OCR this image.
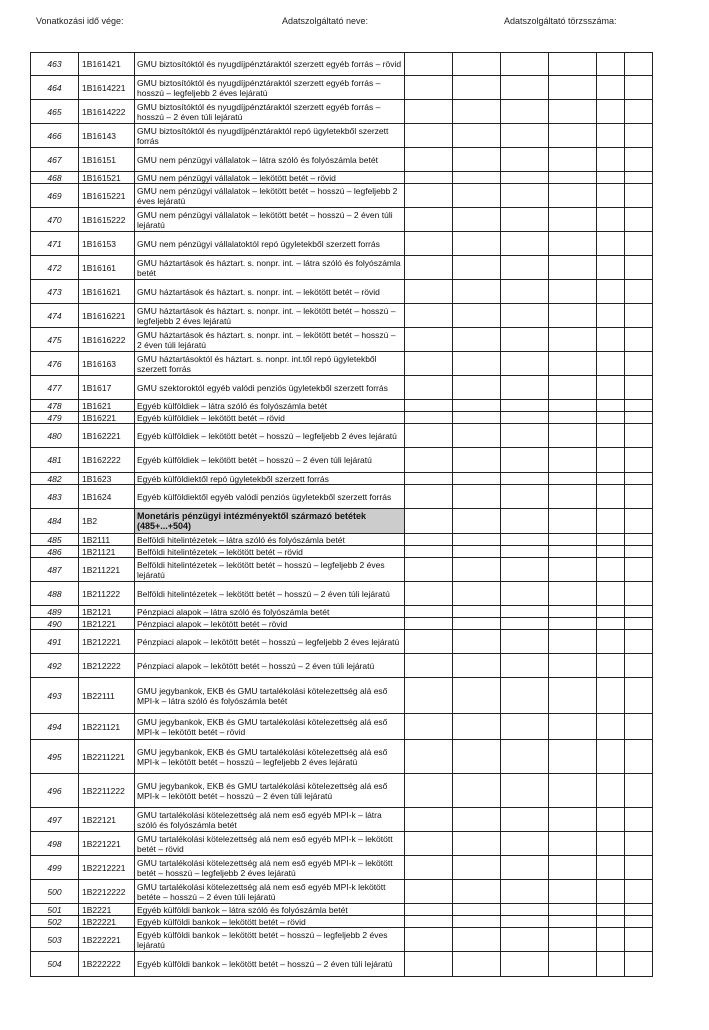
Vonatkozási idő vége:	Adatszolgáltató neve:	Adatszolgáltató törzsszáma:
463	1B161421	GMU biztosítóktól és nyugdíjpénztáraktól szerzett egyéb forrás – rövid						
464	1B1614221	GMU biztosítóktól és nyugdíjpénztáraktól szerzett egyéb forrás – hosszú – legfeljebb 2 éves lejáratú						
465	1B1614222	GMU biztosítóktól és nyugdíjpénztáraktól szerzett egyéb forrás – hosszú – 2 éven túli lejáratú						
466	1B16143	GMU biztosítóktól és nyugdíjpénztáraktól repó ügyletekből szerzett forrás						
467	1B16151	GMU nem pénzügyi vállalatok – látra szóló és folyószámla betét						
468	1B161521	GMU nem pénzügyi vállalatok – lekötött betét – rövid						
469	1B1615221	GMU nem pénzügyi vállalatok – lekötött betét – hosszú – legfeljebb 2 éves lejáratú						
470	1B1615222	GMU nem pénzügyi vállalatok – lekötött betét – hosszú – 2 éven túli lejáratú						
471	1B16153	GMU nem pénzügyi vállalatoktól repó ügyletekből szerzett forrás						
472	1B16161	GMU háztartások és háztart. s. nonpr. int. – látra szóló és folyószámla betét						
473	1B161621	GMU háztartások és háztart. s. nonpr. int. – lekötött betét – rövid						
474	1B1616221	GMU háztartások és háztart. s. nonpr. int. – lekötött betét – hosszú – legfeljebb 2 éves lejáratú						
475	1B1616222	GMU háztartások és háztart. s. nonpr. int. – lekötött betét – hosszú – 2 éven túli lejáratú						
476	1B16163	GMU háztartásoktól és háztart. s. nonpr. int.től repó ügyletekből szerzett forrás						
477	1B1617	GMU szektoroktól egyéb valódi penziós ügyletekből szerzett forrás						
478	1B1621	Egyéb külföldiek – látra szóló és folyószámla betét						
479	1B16221	Egyéb külföldiek – lekötött betét – rövid						
480	1B162221	Egyéb külföldiek – lekötött betét – hosszú – legfeljebb 2 éves lejáratú						
481	1B162222	Egyéb külföldiek – lekötött betét – hosszú – 2 éven túli lejáratú						
482	1B1623	Egyéb külföldiektől repó ügyletekből szerzett forrás						
483	1B1624	Egyéb külföldiektől egyéb valódi penziós ügyletekből szerzett forrás						
484	1B2	Monetáris pénzügyi intézményektől származó betétek (485+...+504)						
485	1B2111	Belföldi hitelintézetek – látra szóló és folyószámla betét						
486	1B21121	Belföldi hitelintézetek – lekötött betét – rövid						
487	1B211221	Belföldi hitelintézetek – lekötött betét – hosszú – legfeljebb 2 éves lejáratú						
488	1B211222	Belföldi hitelintézetek – lekötött betét – hosszú – 2 éven túli lejáratú						
489	1B2121	Pénzpiaci alapok – látra szóló és folyószámla betét						
490	1B21221	Pénzpiaci alapok – lekötött betét – rövid						
491	1B212221	Pénzpiaci alapok – lekötött betét – hosszú – legfeljebb 2 éves lejáratú						
492	1B212222	Pénzpiaci alapok – lekötött betét – hosszú – 2 éven túli lejáratú						
493	1B22111	GMU jegybankok, EKB és GMU tartalékolási kötelezettség alá eső MPI-k – látra szóló és folyószámla betét						
494	1B221121	GMU jegybankok, EKB és GMU tartalékolási kötelezettség alá eső MPI-k – lekötött betét – rövid						
495	1B2211221	GMU jegybankok, EKB és GMU tartalékolási kötelezettség alá eső MPI-k – lekötött betét – hosszú – legfeljebb 2 éves lejáratú						
496	1B2211222	GMU jegybankok, EKB és GMU tartalékolási kötelezettség alá eső MPI-k – lekötött betét – hosszú – 2 éven túli lejáratú						
497	1B22121	GMU tartalékolási kötelezettség alá nem eső egyéb MPI-k – látra szóló és folyószámla betét						
498	1B221221	GMU tartalékolási kötelezettség alá nem eső egyéb MPI-k – lekötött betét – rövid						
499	1B2212221	GMU tartalékolási kötelezettség alá nem eső egyéb MPI-k – lekötött betét – hosszú – legfeljebb 2 éves lejáratú						
500	1B2212222	GMU tartalékolási kötelezettség alá nem eső egyéb MPI-k lekötött betéte – hosszú – 2 éven túli lejáratú						
501	1B2221	Egyéb külföldi bankok – látra szóló és folyószámla betét						
502	1B22221	Egyéb külföldi bankok – lekötött betét – rövid						
503	1B222221	Egyéb külföldi bankok – lekötött betét – hosszú – legfeljebb 2 éves lejáratú						
504	1B222222	Egyéb külföldi bankok – lekötött betét – hosszú – 2 éven túli lejáratú						
